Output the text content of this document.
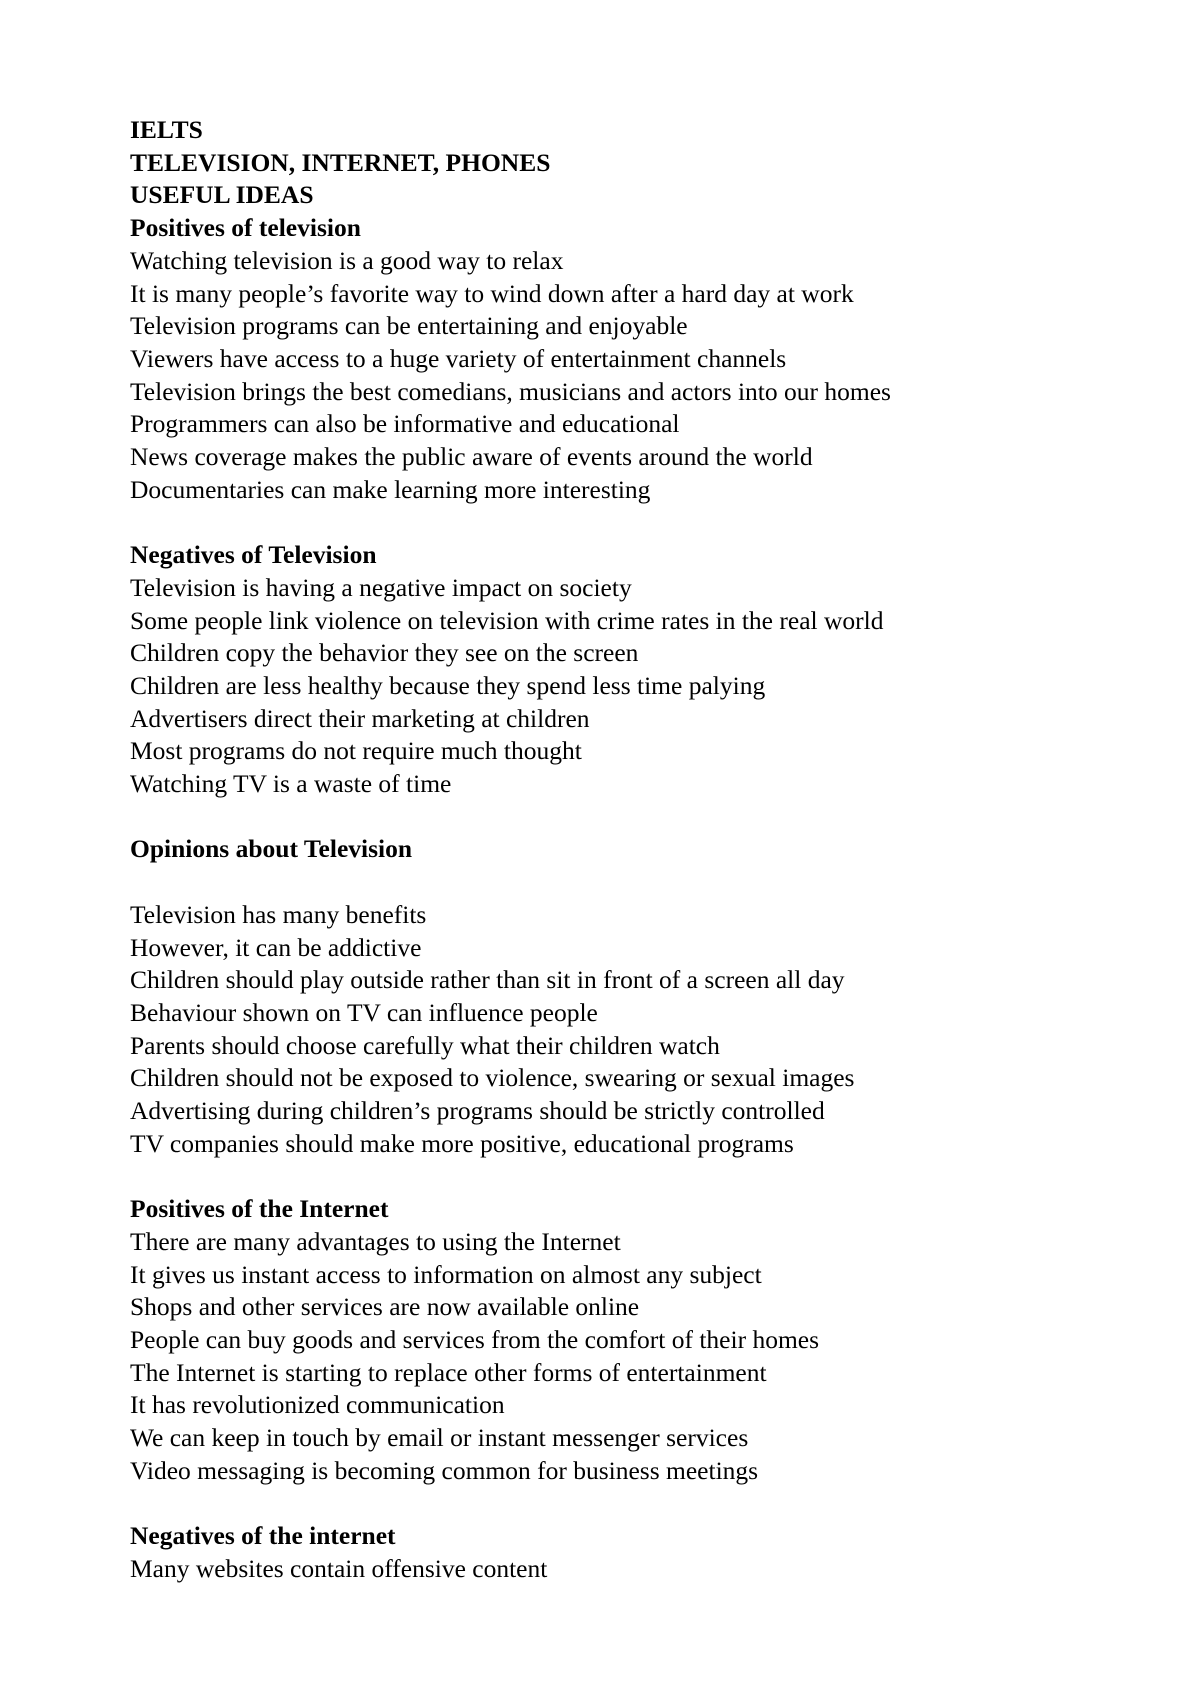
IELTS
TELEVISION, INTERNET, PHONES
USEFUL IDEAS
Positives of television
Watching television is a good way to relax
It is many people’s favorite way to wind down after a hard day at work
Television programs can be entertaining and enjoyable
Viewers have access to a huge variety of entertainment channels
Television brings the best comedians, musicians and actors into our homes
Programmers can also be informative and educational
News coverage makes the public aware of events around the world
Documentaries can make learning more interesting
Negatives of Television
Television is having a negative impact on society
Some people link violence on television with crime rates in the real world
Children copy the behavior they see on the screen
Children are less healthy because they spend less time palying
Advertisers direct their marketing at children
Most programs do not require much thought
Watching TV is a waste of time
Opinions about Television
Television has many benefits
However, it can be addictive
Children should play outside rather than sit in front of a screen all day
Behaviour shown on TV can influence people
Parents should choose carefully what their children watch
Children should not be exposed to violence, swearing or sexual images
Advertising during children’s programs should be strictly controlled
TV companies should make more positive, educational programs
Positives of the Internet
There are many advantages to using the Internet
It gives us instant access to information on almost any subject
Shops and other services are now available online
People can buy goods and services from the comfort of their homes
The Internet is starting to replace other forms of entertainment
It has revolutionized communication
We can keep in touch by email or instant messenger services
Video messaging is becoming common for business meetings
Negatives of the internet
Many websites contain offensive content
